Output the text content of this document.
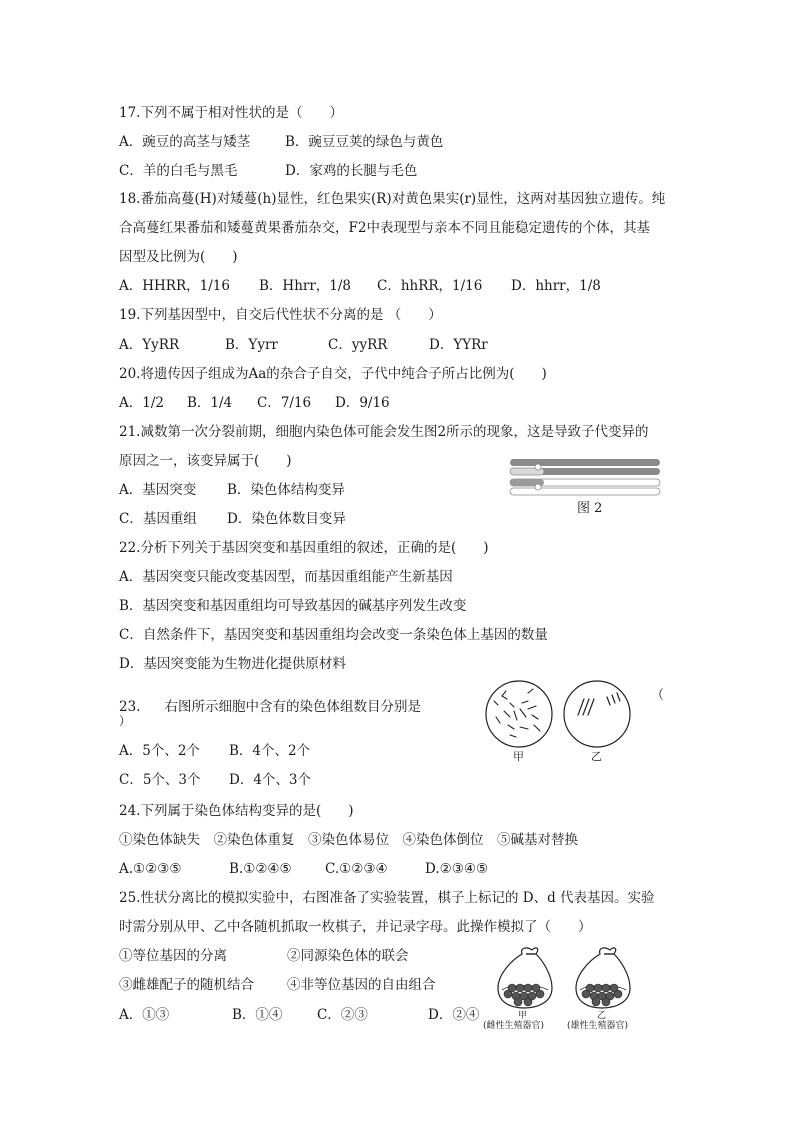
17.下列不属于相对性状的是（　　）
A．豌豆的高茎与矮茎	B．豌豆豆荚的绿色与黄色
C．羊的白毛与黑毛	D．家鸡的长腿与毛色
18.番茄高蔓(H)对矮蔓(h)显性，红色果实(R)对黄色果实(r)显性，这两对基因独立遗传。纯
合高蔓红果番茄和矮蔓黄果番茄杂交，F2中表现型与亲本不同且能稳定遗传的个体，其基
因型及比例为(　　)
A．HHRR，1/16 B．Hhrr，1/8 C．hhRR，1/16 D．hhrr，1/8
19.下列基因型中，自交后代性状不分离的是 （　　）
A．YyRR	B．Yyrr	C．yyRR	D．YYRr
20.将遗传因子组成为Aa的杂合子自交，子代中纯合子所占比例为(　　)
A．1/2 B．1/4 C．7/16 D．9/16
21.减数第一次分裂前期，细胞内染色体可能会发生图2所示的现象，这是导致子代变异的
原因之一，该变异属于(　　)
A．基因突变 B．染色体结构变异
C．基因重组 D．染色体数目变异
图 2
22.分析下列关于基因突变和基因重组的叙述，正确的是(　　)
A．基因突变只能改变基因型，而基因重组能产生新基因
B．基因突变和基因重组均可导致基因的碱基序列发生改变
C．自然条件下，基因突变和基因重组均会改变一条染色体上基因的数量
D．基因突变能为生物进化提供原材料
23. 右图所示细胞中含有的染色体组数目分别是
）
（
A．5个、2个 B．4个、2个
C．5个、3个 D．4个、3个
甲	乙
24.下列属于染色体结构变异的是(　　)
①染色体缺失　②染色体重复　③染色体易位　④染色体倒位　⑤碱基对替换
A.①②③⑤	B.①②④⑤ C.①②③④	D.②③④⑤
25.性状分离比的模拟实验中，右图准备了实验装置，棋子上标记的 D、d 代表基因。实验
时需分别从甲、乙中各随机抓取一枚棋子，并记录字母。此操作模拟了（　　）
①等位基因的分离	②同源染色体的联会
③雌雄配子的随机结合 ④非等位基因的自由组合
A．①③	B．①④	C．②③	D．②④	甲
(雌性生殖器官)
乙
(雄性生殖器官)
